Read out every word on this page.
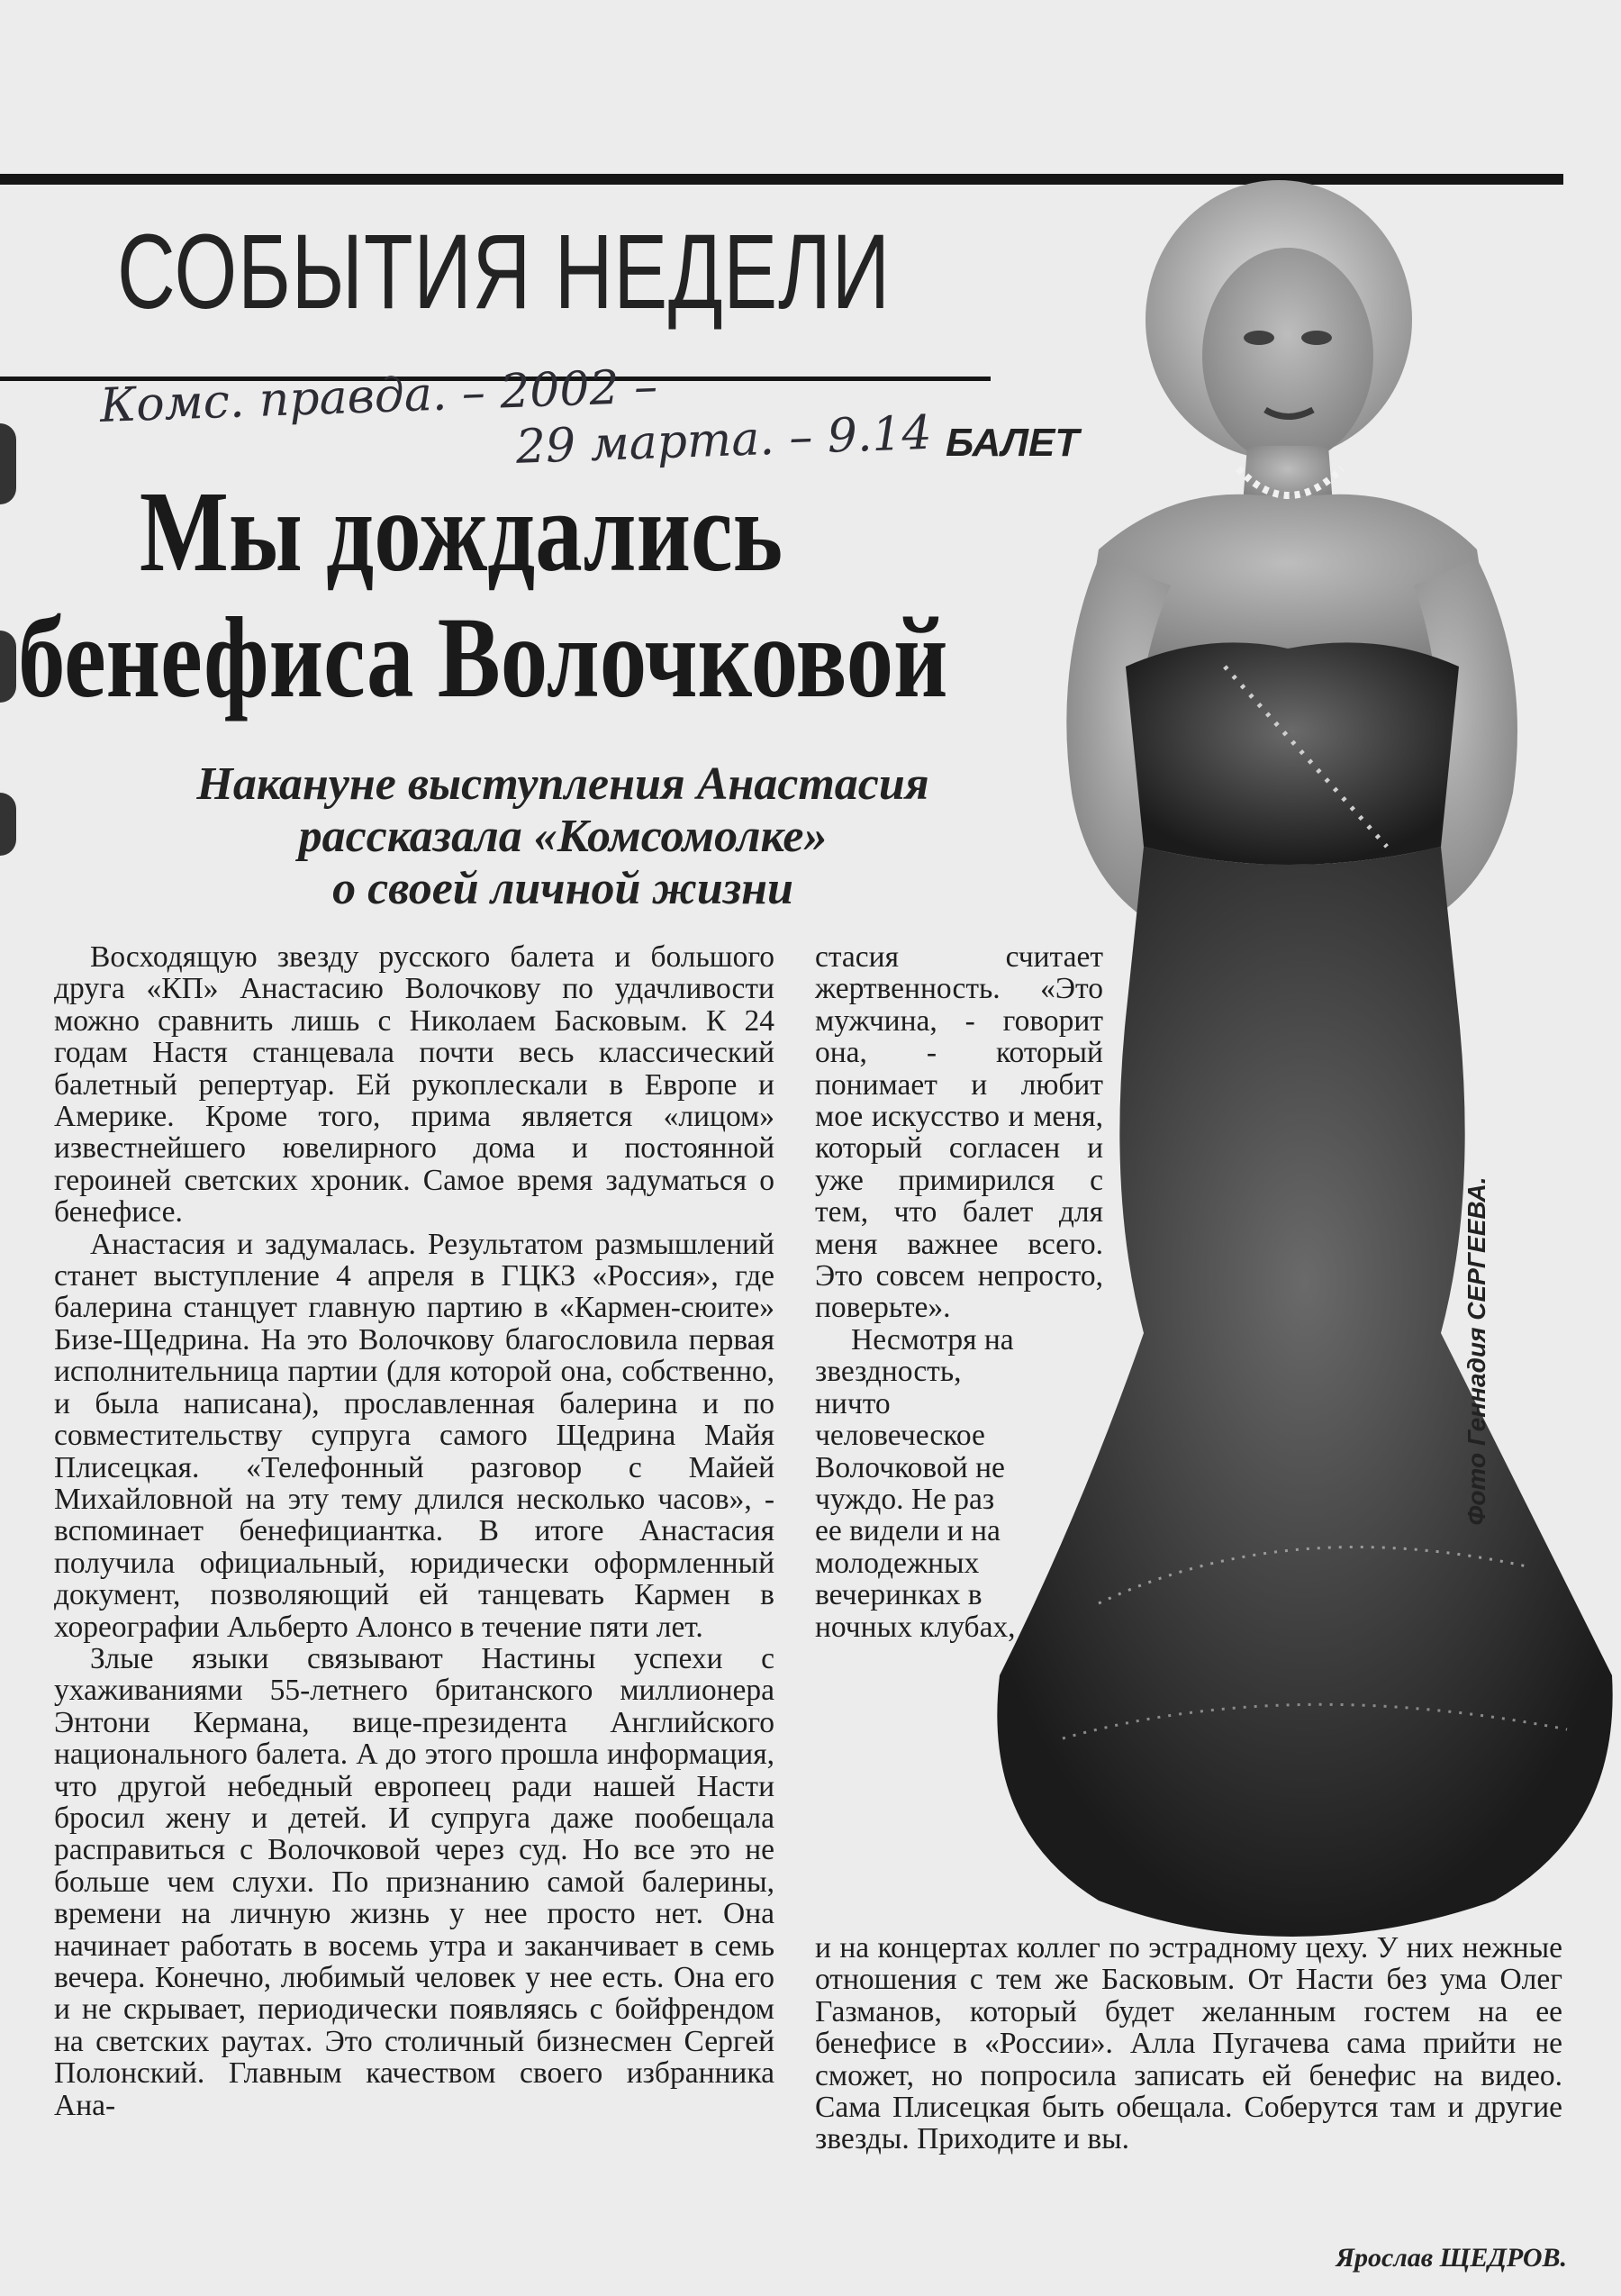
СОБЫТИЯ НЕДЕЛИ
Комс. правда. – 2002 –
29 марта. – 9.14 БАЛЕТ
Мы дождались
бенефиса Волочковой
Накануне выступления Анастасия
рассказала «Комсомолке»
о своей личной жизни
Фото Геннадия СЕРГЕЕВА.

Восходящую звезду русского балета и большого друга «КП» Анастасию Волочкову по удачливости можно сравнить лишь с Николаем Басковым. К 24 годам Настя станцевала почти весь классический балетный репертуар. Ей рукоплескали в Европе и Америке. Кроме того, прима является «лицом» известнейшего ювелирного дома и постоянной героиней светских хроник. Самое время задуматься о бенефисе.

Анастасия и задумалась. Результатом размышлений станет выступление 4 апреля в ГЦКЗ «Россия», где балерина станцует главную партию в «Кармен-сюите» Бизе-Щедрина. На это Волочкову благословила первая исполнительница партии (для которой она, собственно, и была написана), прославленная балерина и по совместительству супруга самого Щедрина Майя Плисецкая. «Телефонный разговор с Майей Михайловной на эту тему длился несколько часов», - вспоминает бенефициантка. В итоге Анастасия получила официальный, юридически оформленный документ, позволяющий ей танцевать Кармен в хореографии Альберто Алонсо в течение пяти лет.

Злые языки связывают Настины успехи с ухаживаниями 55-летнего британского миллионера Энтони Кермана, вице-президента Английского национального балета. А до этого прошла информация, что другой небедный европеец ради нашей Насти бросил жену и детей. И супруга даже пообещала расправиться с Волочковой через суд. Но все это не больше чем слухи. По признанию самой балерины, времени на личную жизнь у нее просто нет. Она начинает работать в восемь утра и заканчивает в семь вечера. Конечно, любимый человек у нее есть. Она его и не скрывает, периодически появляясь с бойфрендом на светских раутах. Это столичный бизнесмен Сергей Полонский. Главным качеством своего избранника Ана-

стасия считает жертвенность. «Это мужчина, - говорит она, - который понимает и любит мое искусство и меня, который согласен и уже примирился с тем, что балет для меня важнее всего. Это совсем непросто, поверьте».

Несмотря на звездность, ничто человеческое Волочковой не чуждо. Не раз ее видели и на молодежных вечеринках в ночных клубах,

и на концертах коллег по эстрадному цеху. У них нежные отношения с тем же Басковым. От Насти без ума Олег Газманов, который будет желанным гостем на ее бенефисе в «России». Алла Пугачева сама прийти не сможет, но попросила записать ей бенефис на видео. Сама Плисецкая быть обещала. Соберутся там и другие звезды. Приходите и вы.

Ярослав ЩЕДРОВ.
